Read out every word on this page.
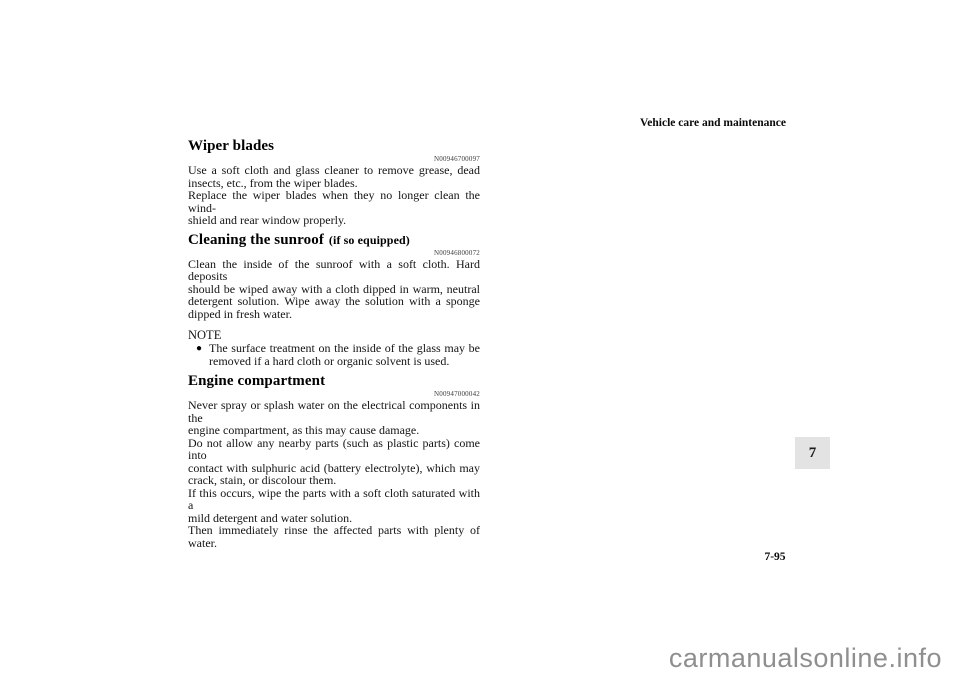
Vehicle care and maintenance
Wiper blades
N00946700097
Use a soft cloth and glass cleaner to remove grease, dead
insects, etc., from the wiper blades.
Replace the wiper blades when they no longer clean the wind-
shield and rear window properly.
Cleaning the sunroof (if so equipped)
N00946800072
Clean the inside of the sunroof with a soft cloth. Hard deposits
should be wiped away with a cloth dipped in warm, neutral
detergent solution. Wipe away the solution with a sponge
dipped in fresh water.
NOTE
● The surface treatment on the inside of the glass may be
removed if a hard cloth or organic solvent is used.
Engine compartment
N00947000042
Never spray or splash water on the electrical components in the
engine compartment, as this may cause damage.
Do not allow any nearby parts (such as plastic parts) come into
contact with sulphuric acid (battery electrolyte), which may
crack, stain, or discolour them.
If this occurs, wipe the parts with a soft cloth saturated with a
mild detergent and water solution.
Then immediately rinse the affected parts with plenty of water.
7
7-95
carmanualsonline.info
